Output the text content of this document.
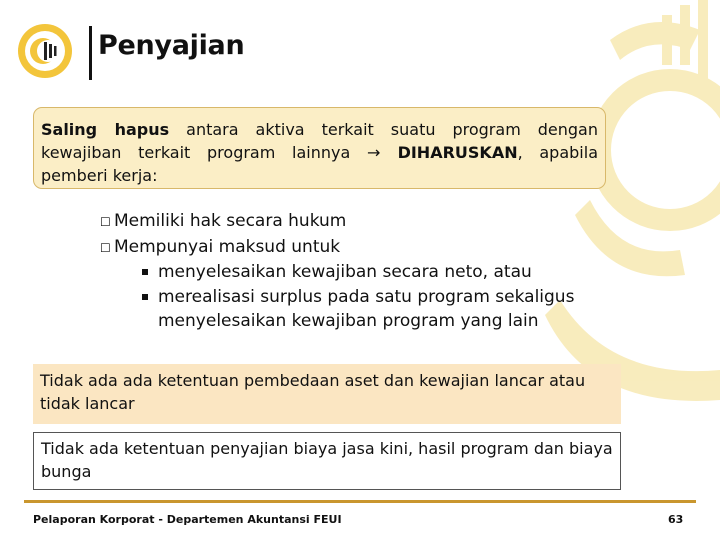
Penyajian
Saling hapus antara aktiva terkait suatu program dengan kewajiban terkait program lainnya → DIHARUSKAN, apabila pemberi kerja:
☐ Memiliki hak secara hukum
☐ Mempunyai maksud untuk
menyelesaikan kewajiban secara neto, atau
merealisasi surplus pada satu program sekaligus
menyelesaikan kewajiban program yang lain
Tidak ada ada ketentuan pembedaan aset dan kewajian lancar atau tidak lancar
Tidak ada ketentuan penyajian biaya jasa kini, hasil program dan biaya bunga
Pelaporan Korporat - Departemen Akuntansi FEUI	63
